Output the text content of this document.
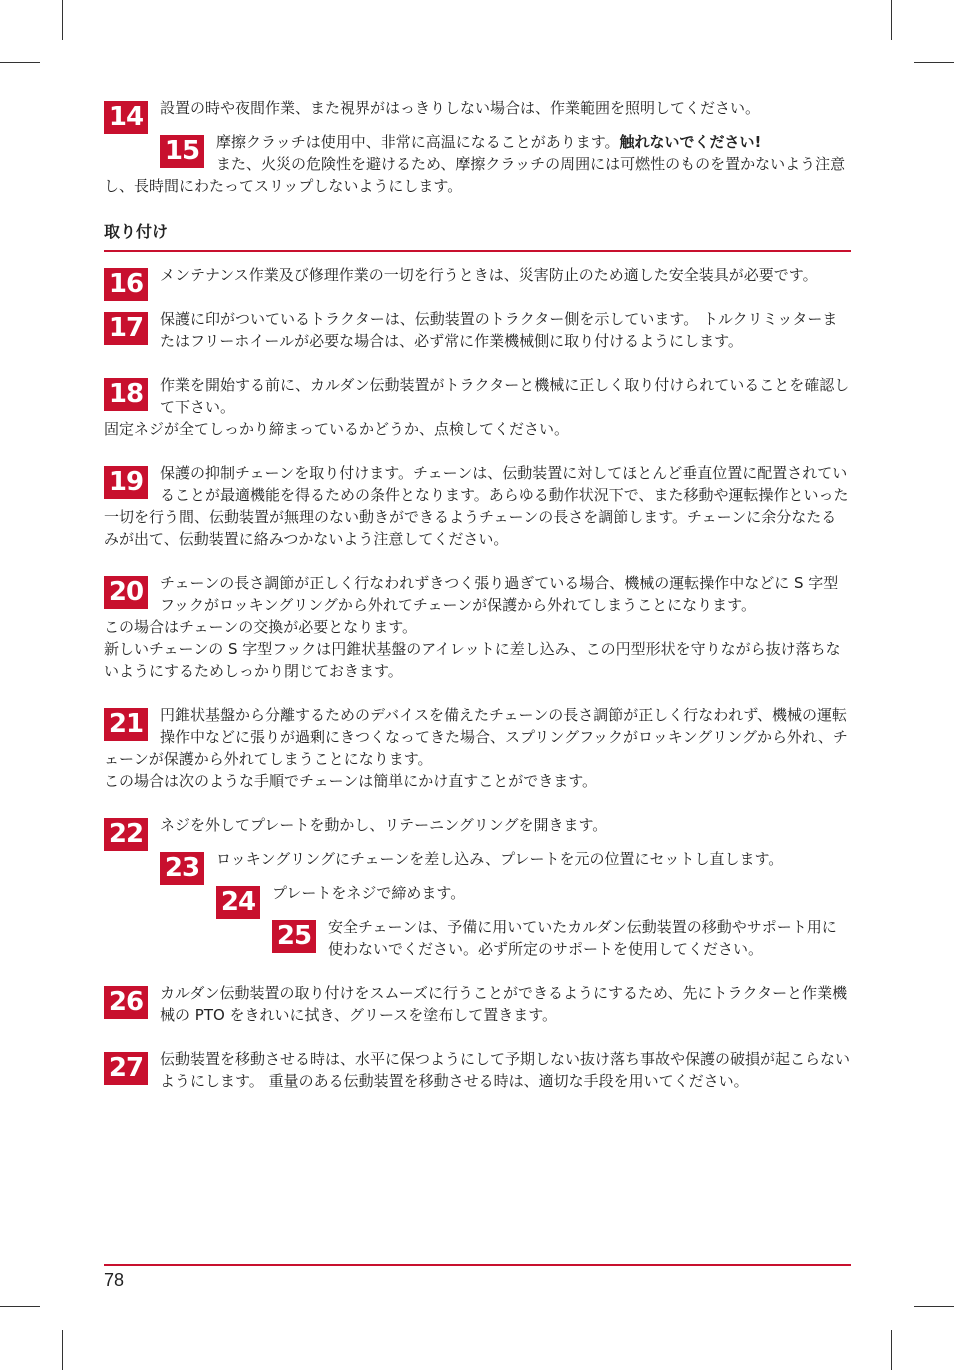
14	設置の時や夜間作業、また視界がはっきりしない場合は、作業範囲を照明してください。

15	摩擦クラッチは使用中、非常に高温になることがあります。触れないでください!
また、火災の危険性を避けるため、摩擦クラッチの周囲には可燃性のものを置かないよう注意し、長時間にわたってスリップしないようにします。

取り付け
16	メンテナンス作業及び修理作業の一切を行うときは、災害防止のため適した安全装具が必要です。

17	保護に印がついているトラクターは、伝動装置のトラクター側を示しています。 トルクリミッターまたはフリーホイールが必要な場合は、必ず常に作業機械側に取り付けるようにします。

18	作業を開始する前に、カルダン伝動装置がトラクターと機械に正しく取り付けられていることを確認して下さい。
固定ネジが全てしっかり締まっているかどうか、点検してください。

19	保護の抑制チェーンを取り付けます。チェーンは、伝動装置に対してほとんど垂直位置に配置されていることが最適機能を得るための条件となります。あらゆる動作状況下で、また移動や運転操作といった一切を行う間、伝動装置が無理のない動きができるようチェーンの長さを調節します。チェーンに余分なたるみが出て、伝動装置に絡みつかないよう注意してください。

20	チェーンの長さ調節が正しく行なわれずきつく張り過ぎている場合、機械の運転操作中などに S 字型フックがロッキングリングから外れてチェーンが保護から外れてしまうことになります。
この場合はチェーンの交換が必要となります。
新しいチェーンの S 字型フックは円錐状基盤のアイレットに差し込み、この円型形状を守りながら抜け落ちないようにするためしっかり閉じておきます。

21	円錐状基盤から分離するためのデバイスを備えたチェーンの長さ調節が正しく行なわれず、機械の運転操作中などに張りが過剰にきつくなってきた場合、スプリングフックがロッキングリングから外れ、チェーンが保護から外れてしまうことになります。
この場合は次のような手順でチェーンは簡単にかけ直すことができます。

22	ネジを外してプレートを動かし、リテーニングリングを開きます。

23	ロッキングリングにチェーンを差し込み、プレートを元の位置にセットし直します。

24	プレートをネジで締めます。

25	安全チェーンは、予備に用いていたカルダン伝動装置の移動やサポート用に使わないでください。必ず所定のサポートを使用してください。

26	カルダン伝動装置の取り付けをスムーズに行うことができるようにするため、先にトラクターと作業機械の PTO をきれいに拭き、グリースを塗布して置きます。

27	伝動装置を移動させる時は、水平に保つようにして予期しない抜け落ち事故や保護の破損が起こらないようにします。 重量のある伝動装置を移動させる時は、適切な手段を用いてください。

78
